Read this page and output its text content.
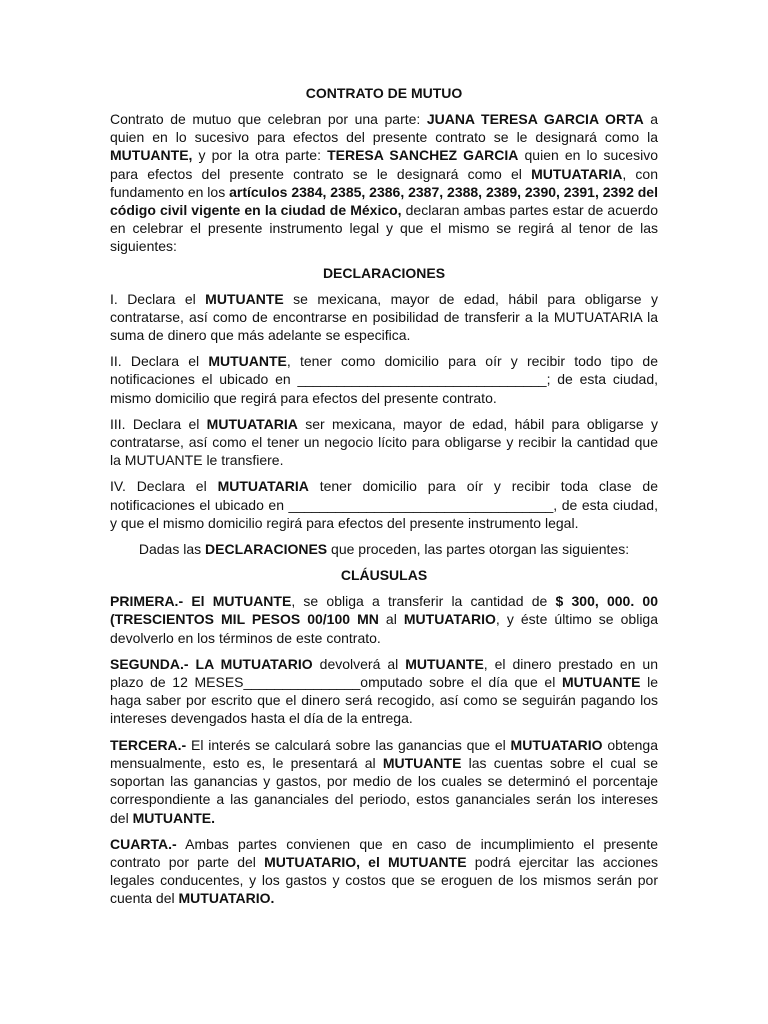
CONTRATO DE MUTUO

Contrato de mutuo que celebran por una parte: JUANA TERESA GARCIA ORTA a quien en lo sucesivo para efectos del presente contrato se le designará como la MUTUANTE, y por la otra parte: TERESA SANCHEZ GARCIA quien en lo sucesivo para efectos del presente contrato se le designará como el MUTUATARIA, con fundamento en los artículos 2384, 2385, 2386, 2387, 2388, 2389, 2390, 2391, 2392 del código civil vigente en la ciudad de México, declaran ambas partes estar de acuerdo en celebrar el presente instrumento legal y que el mismo se regirá al tenor de las siguientes:

DECLARACIONES

I. Declara el MUTUANTE se mexicana, mayor de edad, hábil para obligarse y contratarse, así como de encontrarse en posibilidad de transferir a la MUTUATARIA la suma de dinero que más adelante se especifica.

II. Declara el MUTUANTE, tener como domicilio para oír y recibir todo tipo de notificaciones el ubicado en ________________________________; de esta ciudad, mismo domicilio que regirá para efectos del presente contrato.

III. Declara el MUTUATARIA ser mexicana, mayor de edad, hábil para obligarse y contratarse, así como el tener un negocio lícito para obligarse y recibir la cantidad que la MUTUANTE le transfiere.

IV. Declara el MUTUATARIA tener domicilio para oír y recibir toda clase de notificaciones el ubicado en __________________________________, de esta ciudad, y que el mismo domicilio regirá para efectos del presente instrumento legal.

Dadas las DECLARACIONES que proceden, las partes otorgan las siguientes:

CLÁUSULAS

PRIMERA.- El MUTUANTE, se obliga a transferir la cantidad de $ 300, 000. 00 (TRESCIENTOS MIL PESOS 00/100 MN al MUTUATARIO, y éste último se obliga devolverlo en los términos de este contrato.

SEGUNDA.- LA MUTUATARIO devolverá al MUTUANTE, el dinero prestado en un plazo de 12 MESES_______________omputado sobre el día que el MUTUANTE le haga saber por escrito que el dinero será recogido, así como se seguirán pagando los intereses devengados hasta el día de la entrega.

TERCERA.- El interés se calculará sobre las ganancias que el MUTUATARIO obtenga mensualmente, esto es, le presentará al MUTUANTE las cuentas sobre el cual se soportan las ganancias y gastos, por medio de los cuales se determinó el porcentaje correspondiente a las gananciales del periodo, estos gananciales serán los intereses del MUTUANTE.

CUARTA.- Ambas partes convienen que en caso de incumplimiento el presente contrato por parte del MUTUATARIO, el MUTUANTE podrá ejercitar las acciones legales conducentes, y los gastos y costos que se eroguen de los mismos serán por cuenta del MUTUATARIO.
